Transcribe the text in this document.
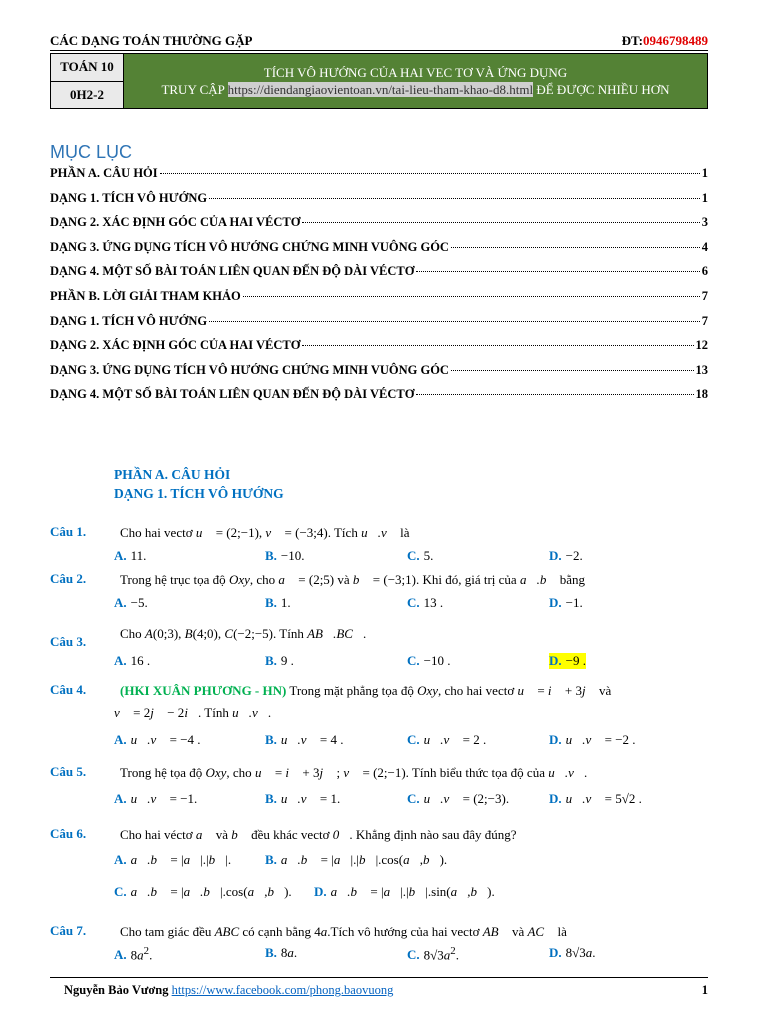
CÁC DẠNG TOÁN THƯỜNG GẶP	ĐT:0946798489
TOÁN 10	TÍCH VÔ HƯỚNG CỦA HAI VEC TƠ VÀ ỨNG DỤNG
TRUY CẬP https://diendangiaovientoan.vn/tai-lieu-tham-khao-d8.html ĐỂ ĐƯỢC NHIỀU HƠN

0H2-2
MỤC LỤC
PHẦN A. CÂU HỎI	1
DẠNG 1. TÍCH VÔ HƯỚNG	1
DẠNG 2. XÁC ĐỊNH GÓC CỦA HAI VÉCTƠ	3
DẠNG 3. ỨNG DỤNG TÍCH VÔ HƯỚNG CHỨNG MINH VUÔNG GÓC	4
DẠNG 4. MỘT SỐ BÀI TOÁN LIÊN QUAN ĐẾN ĐỘ DÀI VÉCTƠ	6
PHẦN B. LỜI GIẢI THAM KHẢO	7
DẠNG 1. TÍCH VÔ HƯỚNG	7
DẠNG 2. XÁC ĐỊNH GÓC CỦA HAI VÉCTƠ	12
DẠNG 3. ỨNG DỤNG TÍCH VÔ HƯỚNG CHỨNG MINH VUÔNG GÓC	13
DẠNG 4. MỘT SỐ BÀI TOÁN LIÊN QUAN ĐẾN ĐỘ DÀI VÉCTƠ	18
PHẦN A. CÂU HỎI
DẠNG 1. TÍCH VÔ HƯỚNG
Câu 1.	Cho hai vectơ u⃗ = (2;−1), v⃗ = (−3;4). Tích u⃗.v⃗ là
A. 11.	B. −10.	C. 5.	D. −2.
Câu 2.	Trong hệ trục tọa độ Oxy, cho a⃗ = (2;5) và b⃗ = (−3;1). Khi đó, giá trị của a⃗.b⃗ bằng
A. −5.	B. 1.	C. 13 .	D. −1.
Câu 3.
Cho A(0;3), B(4;0), C(−2;−5). Tính AB⃗.BC⃗.
A. 16 .	B. 9 .	C. −10 .	D. −9 .
Câu 4.	(HKI XUÂN PHƯƠNG - HN) Trong mặt phẳng tọa độ Oxy, cho hai vectơ u⃗ = i⃗ + 3j⃗ và
v⃗ = 2j⃗ − 2i⃗. Tính u⃗.v⃗.
A. u⃗.v⃗ = −4 .	B. u⃗.v⃗ = 4 .	C. u⃗.v⃗ = 2 .	D. u⃗.v⃗ = −2 .
Câu 5.	Trong hệ tọa độ Oxy, cho u⃗ = i⃗ + 3j⃗ ; v⃗ = (2;−1). Tính biểu thức tọa độ của u⃗.v⃗.
A. u⃗.v⃗ = −1.	B. u⃗.v⃗ = 1.	C. u⃗.v⃗ = (2;−3).	D. u⃗.v⃗ = 5√2 .
Câu 6.	Cho hai véctơ a⃗ và b⃗ đều khác vectơ 0⃗. Khẳng định nào sau đây đúng?
A. a⃗.b⃗ = |a⃗|.|b⃗|.	B. a⃗.b⃗ = |a⃗|.|b⃗|.cos(a⃗,b⃗).
C. a⃗.b⃗ = |a⃗.b⃗|.cos(a⃗,b⃗). D. a⃗.b⃗ = |a⃗|.|b⃗|.sin(a⃗,b⃗).
Câu 7.	Cho tam giác đều ABC có cạnh bằng 4a.Tích vô hướng của hai vectơ AB⃗ và AC⃗ là
A. $8a^2$.	B. 8a.	C. $8√3a^2$.	D. 8√3a.
Nguyễn Bảo Vương https://www.facebook.com/phong.baovuong	1
